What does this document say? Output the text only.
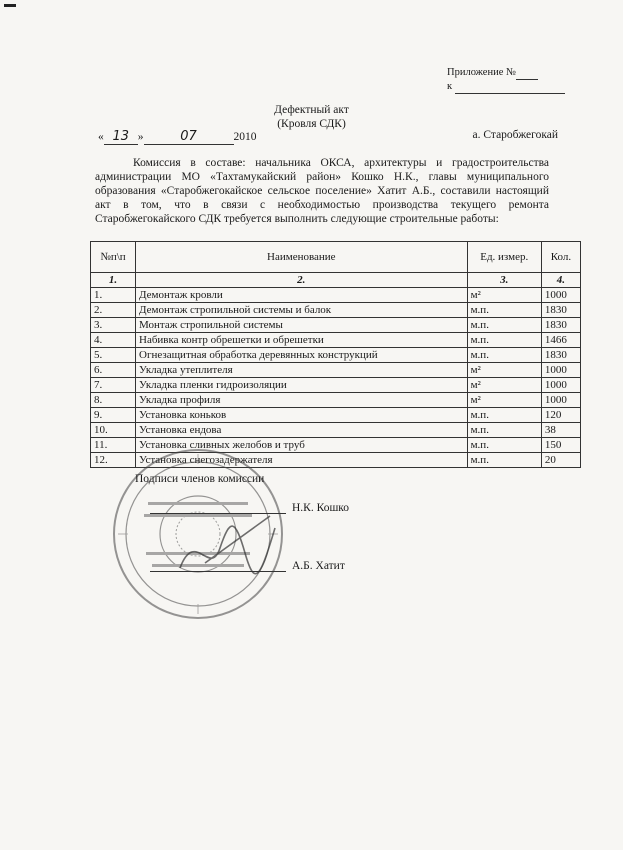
Приложение №
к
Дефектный акт
(Кровля СДК)
« 13 »	07	2010	а. Старобжегокай
Комиссия в составе: начальника ОКСА, архитектуры и градостроительства администрации МО «Тахтамукайский район» Кошко Н.К., главы муниципального образования «Старобжегокайское сельское поселение» Хатит А.Б., составили настоящий акт в том, что в связи с необходимостью производства текущего ремонта Старобжегокайского СДК требуется выполнить следующие строительные работы:
№п\п	Наименование	Ед. измер.	Кол.
1.	2.	3.	4.
1.	Демонтаж кровли	м²	1000
2.	Демонтаж стропильной системы и балок	м.п.	1830
3.	Монтаж стропильной системы	м.п.	1830
4.	Набивка контр обрешетки и обрешетки	м.п.	1466
5.	Огнезащитная обработка деревянных конструкций	м.п.	1830
6.	Укладка утеплителя	м²	1000
7.	Укладка пленки гидроизоляции	м²	1000
8.	Укладка профиля	м²	1000
9.	Установка коньков	м.п.	120
10.	Установка ендова	м.п.	38
11.	Установка сливных желобов и труб	м.п.	150
12.	Установка снегозадержателя	м.п.	20
Подписи членов комиссии
Н.К. Кошко
А.Б. Хатит
